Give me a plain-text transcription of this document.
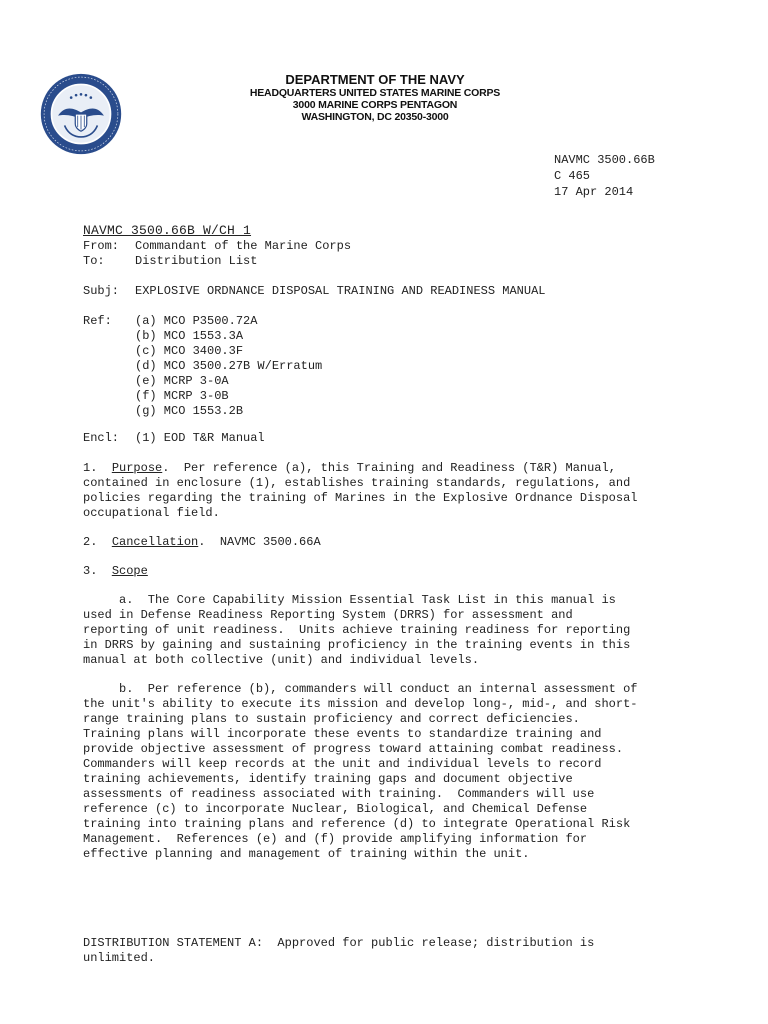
DEPARTMENT OF THE NAVY
HEADQUARTERS UNITED STATES MARINE CORPS
3000 MARINE CORPS PENTAGON
WASHINGTON, DC 20350-3000
NAVMC 3500.66B
C 465
17 Apr 2014
NAVMC 3500.66B W/CH 1
From: Commandant of the Marine Corps
To:	Distribution List
Subj: EXPLOSIVE ORDNANCE DISPOSAL TRAINING AND READINESS MANUAL
Ref: (a) MCO P3500.72A
(b) MCO 1553.3A
(c) MCO 3400.3F
(d) MCO 3500.27B W/Erratum
(e) MCRP 3-0A
(f) MCRP 3-0B
(g) MCO 1553.2B
Encl: (1) EOD T&R Manual
1. Purpose.  Per reference (a), this Training and Readiness (T&R) Manual,
contained in enclosure (1), establishes training standards, regulations, and
policies regarding the training of Marines in the Explosive Ordnance Disposal
occupational field.
2. Cancellation.  NAVMC 3500.66A
3. Scope
a.  The Core Capability Mission Essential Task List in this manual is
used in Defense Readiness Reporting System (DRRS) for assessment and
reporting of unit readiness.  Units achieve training readiness for reporting
in DRRS by gaining and sustaining proficiency in the training events in this
manual at both collective (unit) and individual levels.
b.  Per reference (b), commanders will conduct an internal assessment of
the unit's ability to execute its mission and develop long-, mid-, and short-
range training plans to sustain proficiency and correct deficiencies.
Training plans will incorporate these events to standardize training and
provide objective assessment of progress toward attaining combat readiness.
Commanders will keep records at the unit and individual levels to record
training achievements, identify training gaps and document objective
assessments of readiness associated with training.  Commanders will use
reference (c) to incorporate Nuclear, Biological, and Chemical Defense
training into training plans and reference (d) to integrate Operational Risk
Management.  References (e) and (f) provide amplifying information for
effective planning and management of training within the unit.
DISTRIBUTION STATEMENT A:  Approved for public release; distribution is
unlimited.
